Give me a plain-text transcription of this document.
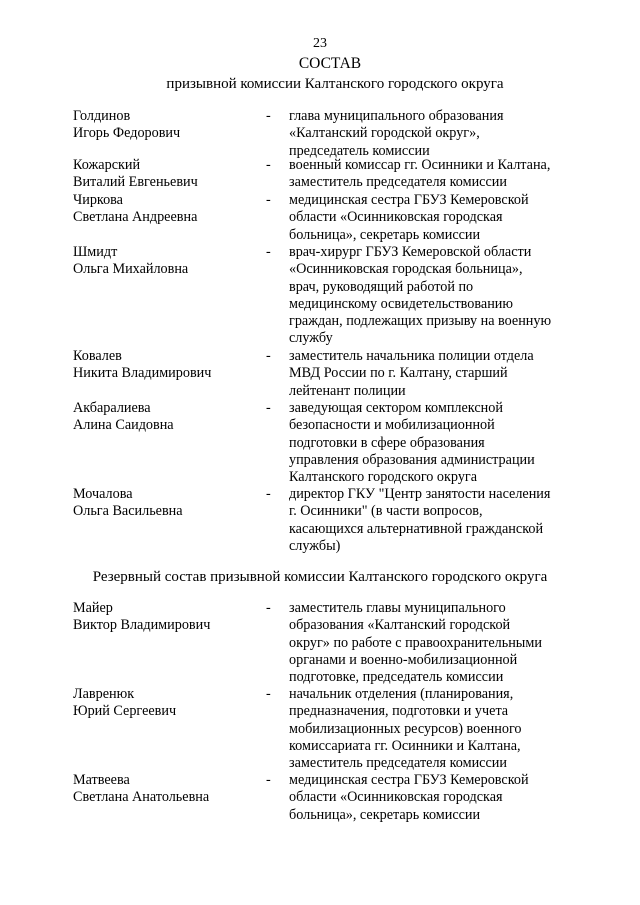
23
СОСТАВ
призывной комиссии Калтанского городского округа
Голдинов
Игорь Федорович
- глава муниципального образования
«Калтанский городской округ»,
председатель комиссии
Кожарский
Виталий Евгеньевич
- военный комиссар гг. Осинники и Калтана,
заместитель председателя комиссии
Чиркова
Светлана Андреевна
- медицинская сестра ГБУЗ Кемеровской
области «Осинниковская городская
больница», секретарь комиссии
Шмидт
Ольга Михайловна
- врач-хирург ГБУЗ Кемеровской области
«Осинниковская городская больница»,
врач, руководящий работой по
медицинскому освидетельствованию
граждан, подлежащих призыву на военную
службу
Ковалев
Никита Владимирович
- заместитель начальника полиции отдела
МВД России по г. Калтану, старший
лейтенант полиции
Акбаралиева
Алина Саидовна
- заведующая сектором комплексной
безопасности и мобилизационной
подготовки в сфере образования
управления образования администрации
Калтанского городского округа
Мочалова
Ольга Васильевна
- директор ГКУ "Центр занятости населения
г. Осинники" (в части вопросов,
касающихся альтернативной гражданской
службы)
Резервный состав призывной комиссии Калтанского городского округа
Майер
Виктор Владимирович
- заместитель главы муниципального
образования «Калтанский городской
округ» по работе с правоохранительными
органами и военно-мобилизационной
подготовке, председатель комиссии
Лавренюк
Юрий Сергеевич
- начальник отделения (планирования,
предназначения, подготовки и учета
мобилизационных ресурсов) военного
комиссариата гг. Осинники и Калтана,
заместитель председателя комиссии
Матвеева
Светлана Анатольевна
- медицинская сестра ГБУЗ Кемеровской
области «Осинниковская городская
больница», секретарь комиссии
